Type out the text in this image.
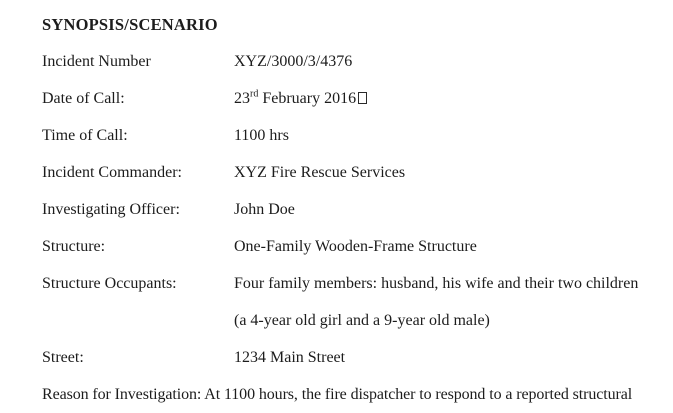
SYNOPSIS/SCENARIO
Incident Number	XYZ/3000/3/4376
Date of Call:	23rd February 2016
Time of Call:	1100 hrs
Incident Commander:	XYZ Fire Rescue Services
Investigating Officer:	John Doe
Structure:	One-Family Wooden-Frame Structure
Structure Occupants:	Four family members: husband, his wife and their two children
(a 4-year old girl and a 9-year old male)
Street:	1234 Main Street

Reason for Investigation: At 1100 hours, the fire dispatcher to respond to a reported structural
